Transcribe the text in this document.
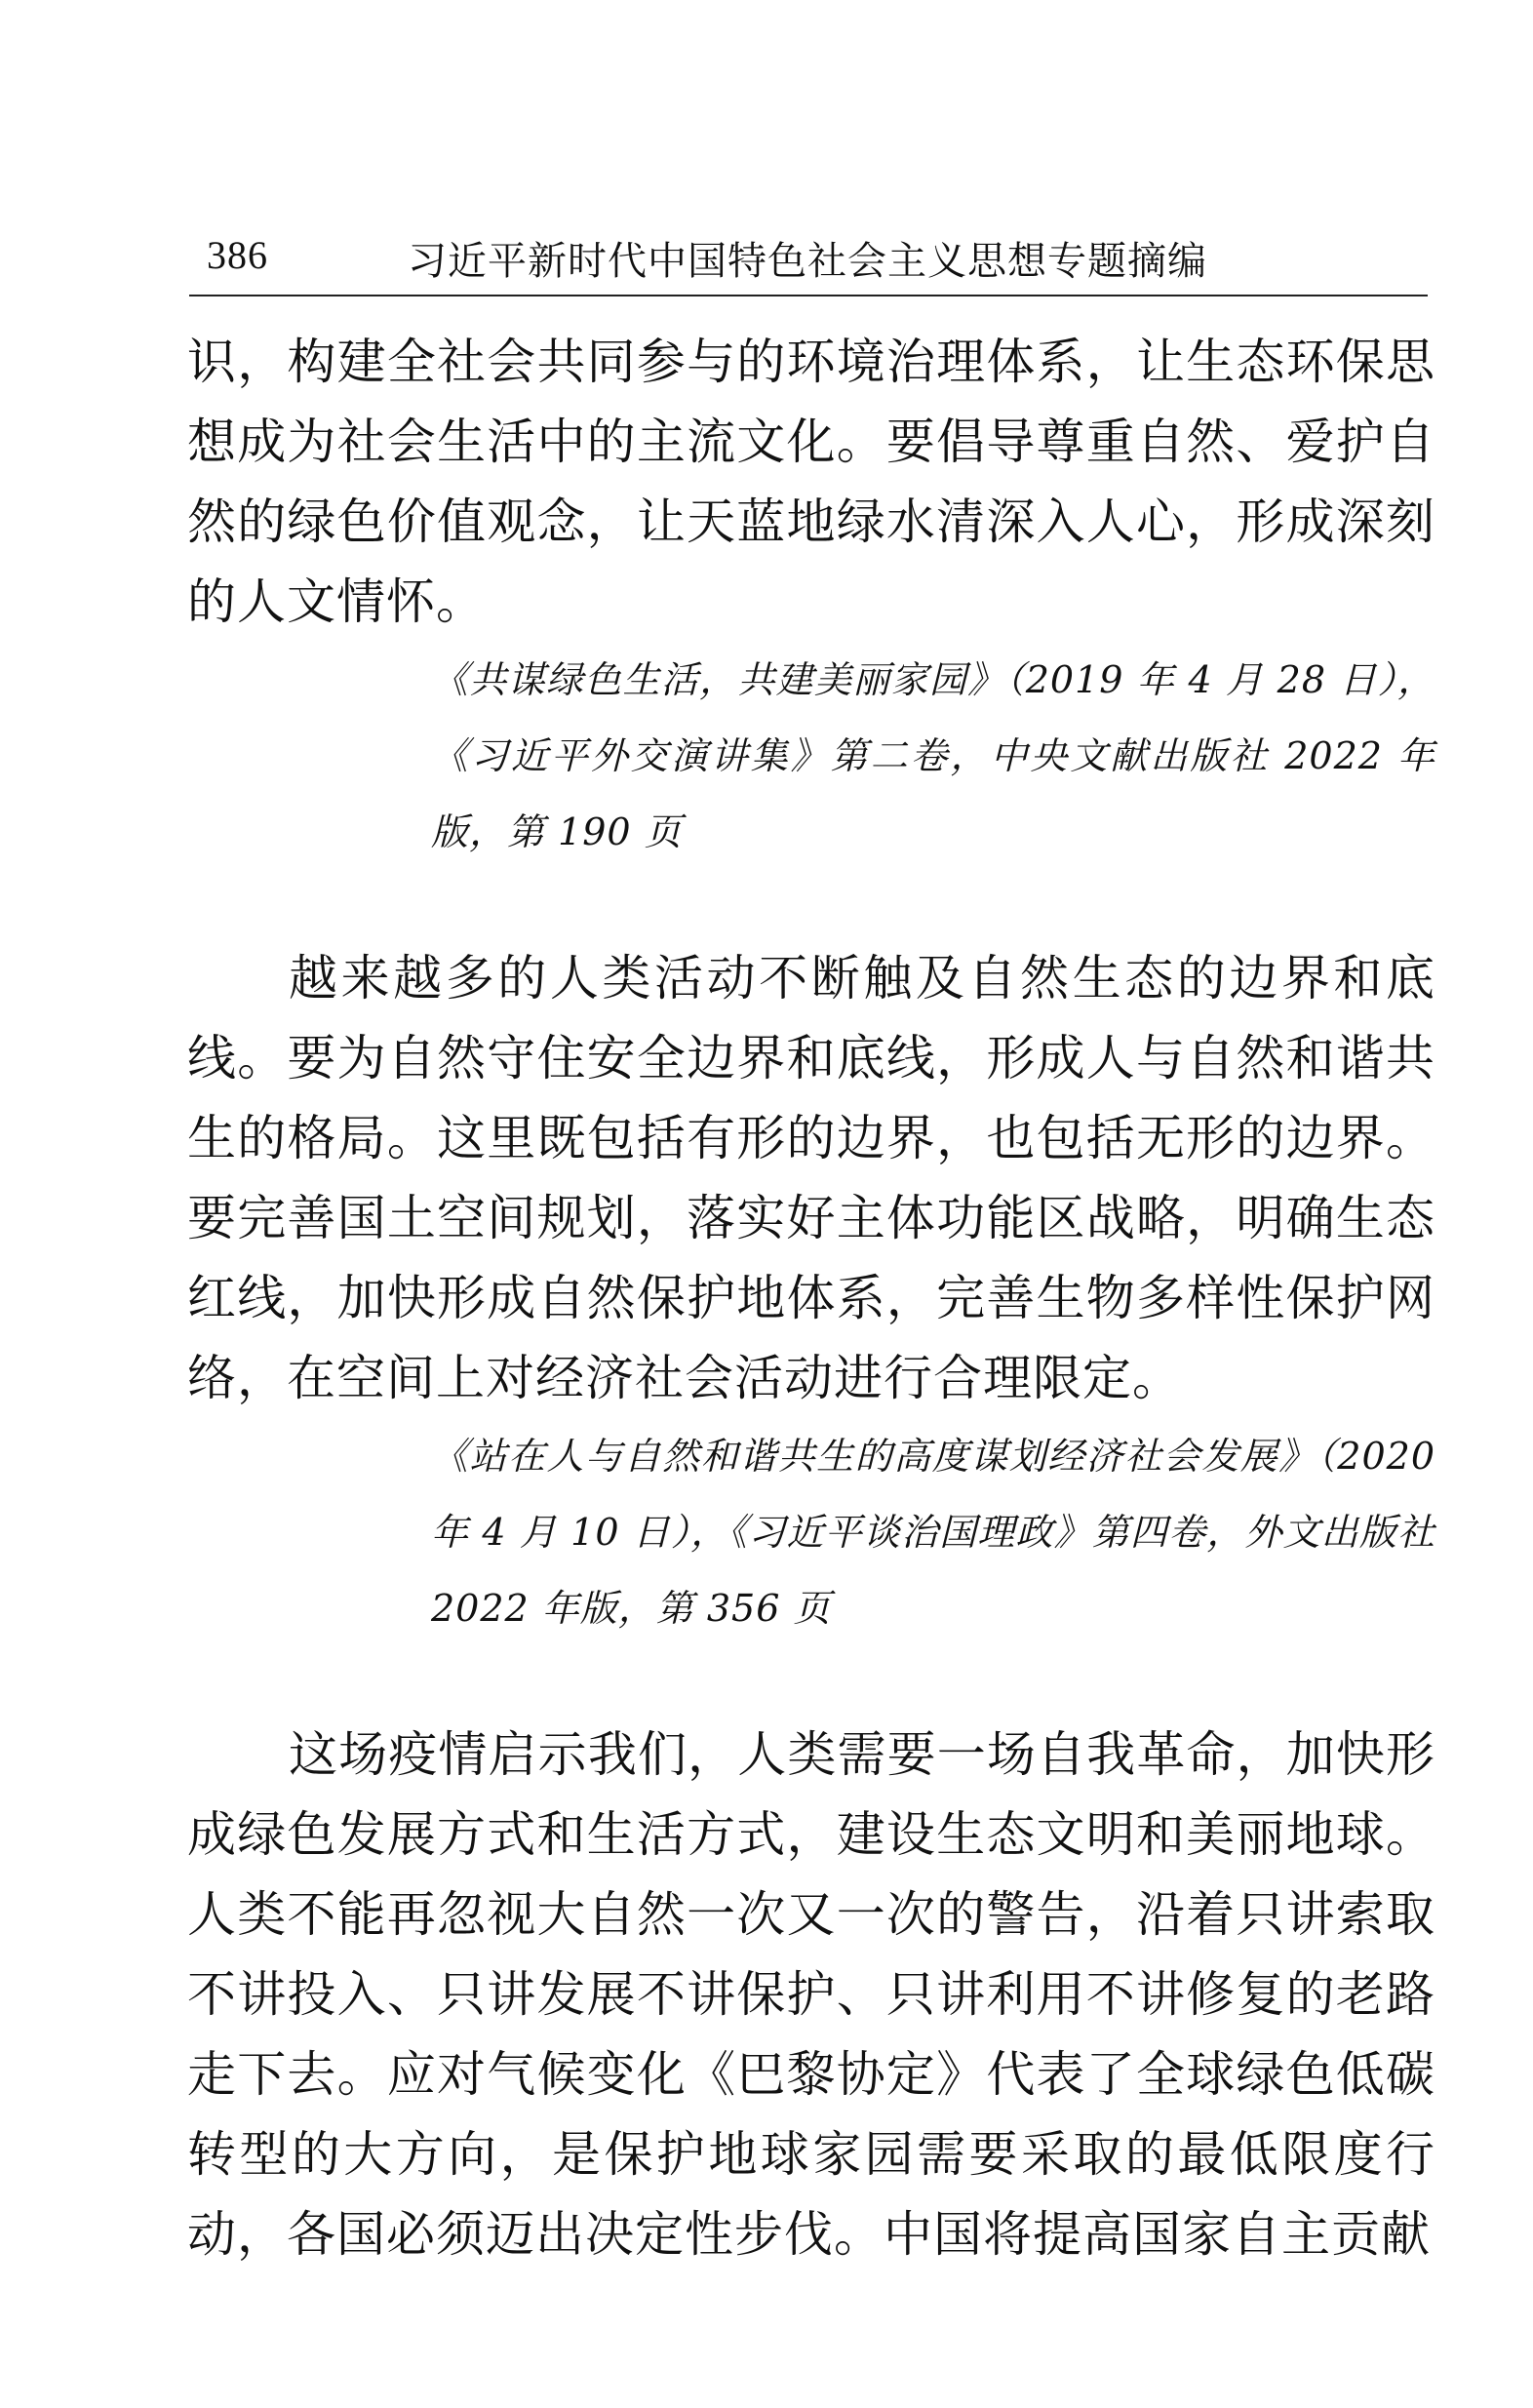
386	习近平新时代中国特色社会主义思想专题摘编

识，构建全社会共同参与的环境治理体系，让生态环保思想成为社会生活中的主流文化。要倡导尊重自然、爱护自然的绿色价值观念，让天蓝地绿水清深入人心，形成深刻的人文情怀。

《共谋绿色生活，共建美丽家园》（2019 年 4 月 28 日），《习近平外交演讲集》第二卷，中央文献出版社 2022 年版，第 190 页

越来越多的人类活动不断触及自然生态的边界和底线。要为自然守住安全边界和底线，形成人与自然和谐共生的格局。这里既包括有形的边界，也包括无形的边界。要完善国土空间规划，落实好主体功能区战略，明确生态红线，加快形成自然保护地体系，完善生物多样性保护网络，在空间上对经济社会活动进行合理限定。

《站在人与自然和谐共生的高度谋划经济社会发展》（2020 年 4 月 10 日），《习近平谈治国理政》第四卷，外文出版社 2022 年版，第 356 页

这场疫情启示我们，人类需要一场自我革命，加快形成绿色发展方式和生活方式，建设生态文明和美丽地球。人类不能再忽视大自然一次又一次的警告，沿着只讲索取不讲投入、只讲发展不讲保护、只讲利用不讲修复的老路走下去。应对气候变化《巴黎协定》代表了全球绿色低碳转型的大方向，是保护地球家园需要采取的最低限度行动，各国必须迈出决定性步伐。中国将提高国家自主贡献
